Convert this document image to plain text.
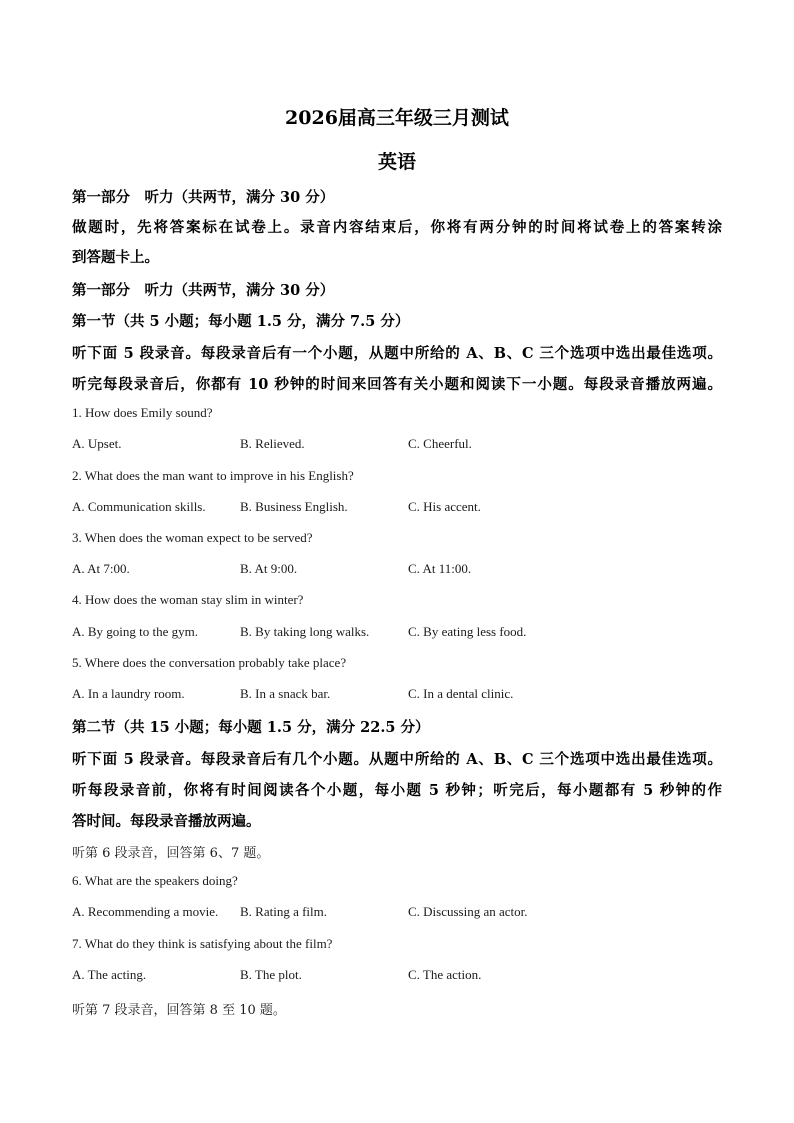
2026届高三年级三月测试
英语
第一部分　听力（共两节，满分 30 分）
做题时，先将答案标在试卷上。录音内容结束后，你将有两分钟的时间将试卷上的答案转涂
到答题卡上。
第一部分　听力（共两节，满分 30 分）
第一节（共 5 小题；每小题 1.5 分，满分 7.5 分）
听下面 5 段录音。每段录音后有一个小题，从题中所给的 A、B、C 三个选项中选出最佳选项。
听完每段录音后，你都有 10 秒钟的时间来回答有关小题和阅读下一小题。每段录音播放两遍。
1. How does Emily sound?
A. Upset.	B. Relieved.	C. Cheerful.
2. What does the man want to improve in his English?
A. Communication skills.	B. Business English.	C. His accent.
3. When does the woman expect to be served?
A. At 7:00.	B. At 9:00.	C. At 11:00.
4. How does the woman stay slim in winter?
A. By going to the gym.	B. By taking long walks.	C. By eating less food.
5. Where does the conversation probably take place?
A. In a laundry room.	B. In a snack bar.	C. In a dental clinic.
第二节（共 15 小题；每小题 1.5 分，满分 22.5 分）
听下面 5 段录音。每段录音后有几个小题。从题中所给的 A、B、C 三个选项中选出最佳选项。
听每段录音前，你将有时间阅读各个小题，每小题 5 秒钟；听完后，每小题都有 5 秒钟的作
答时间。每段录音播放两遍。
听第 6 段录音，回答第 6、7 题。
6. What are the speakers doing?
A. Recommending a movie. B. Rating a film.	C. Discussing an actor.
7. What do they think is satisfying about the film?
A. The acting.	B. The plot.	C. The action.
听第 7 段录音，回答第 8 至 10 题。
